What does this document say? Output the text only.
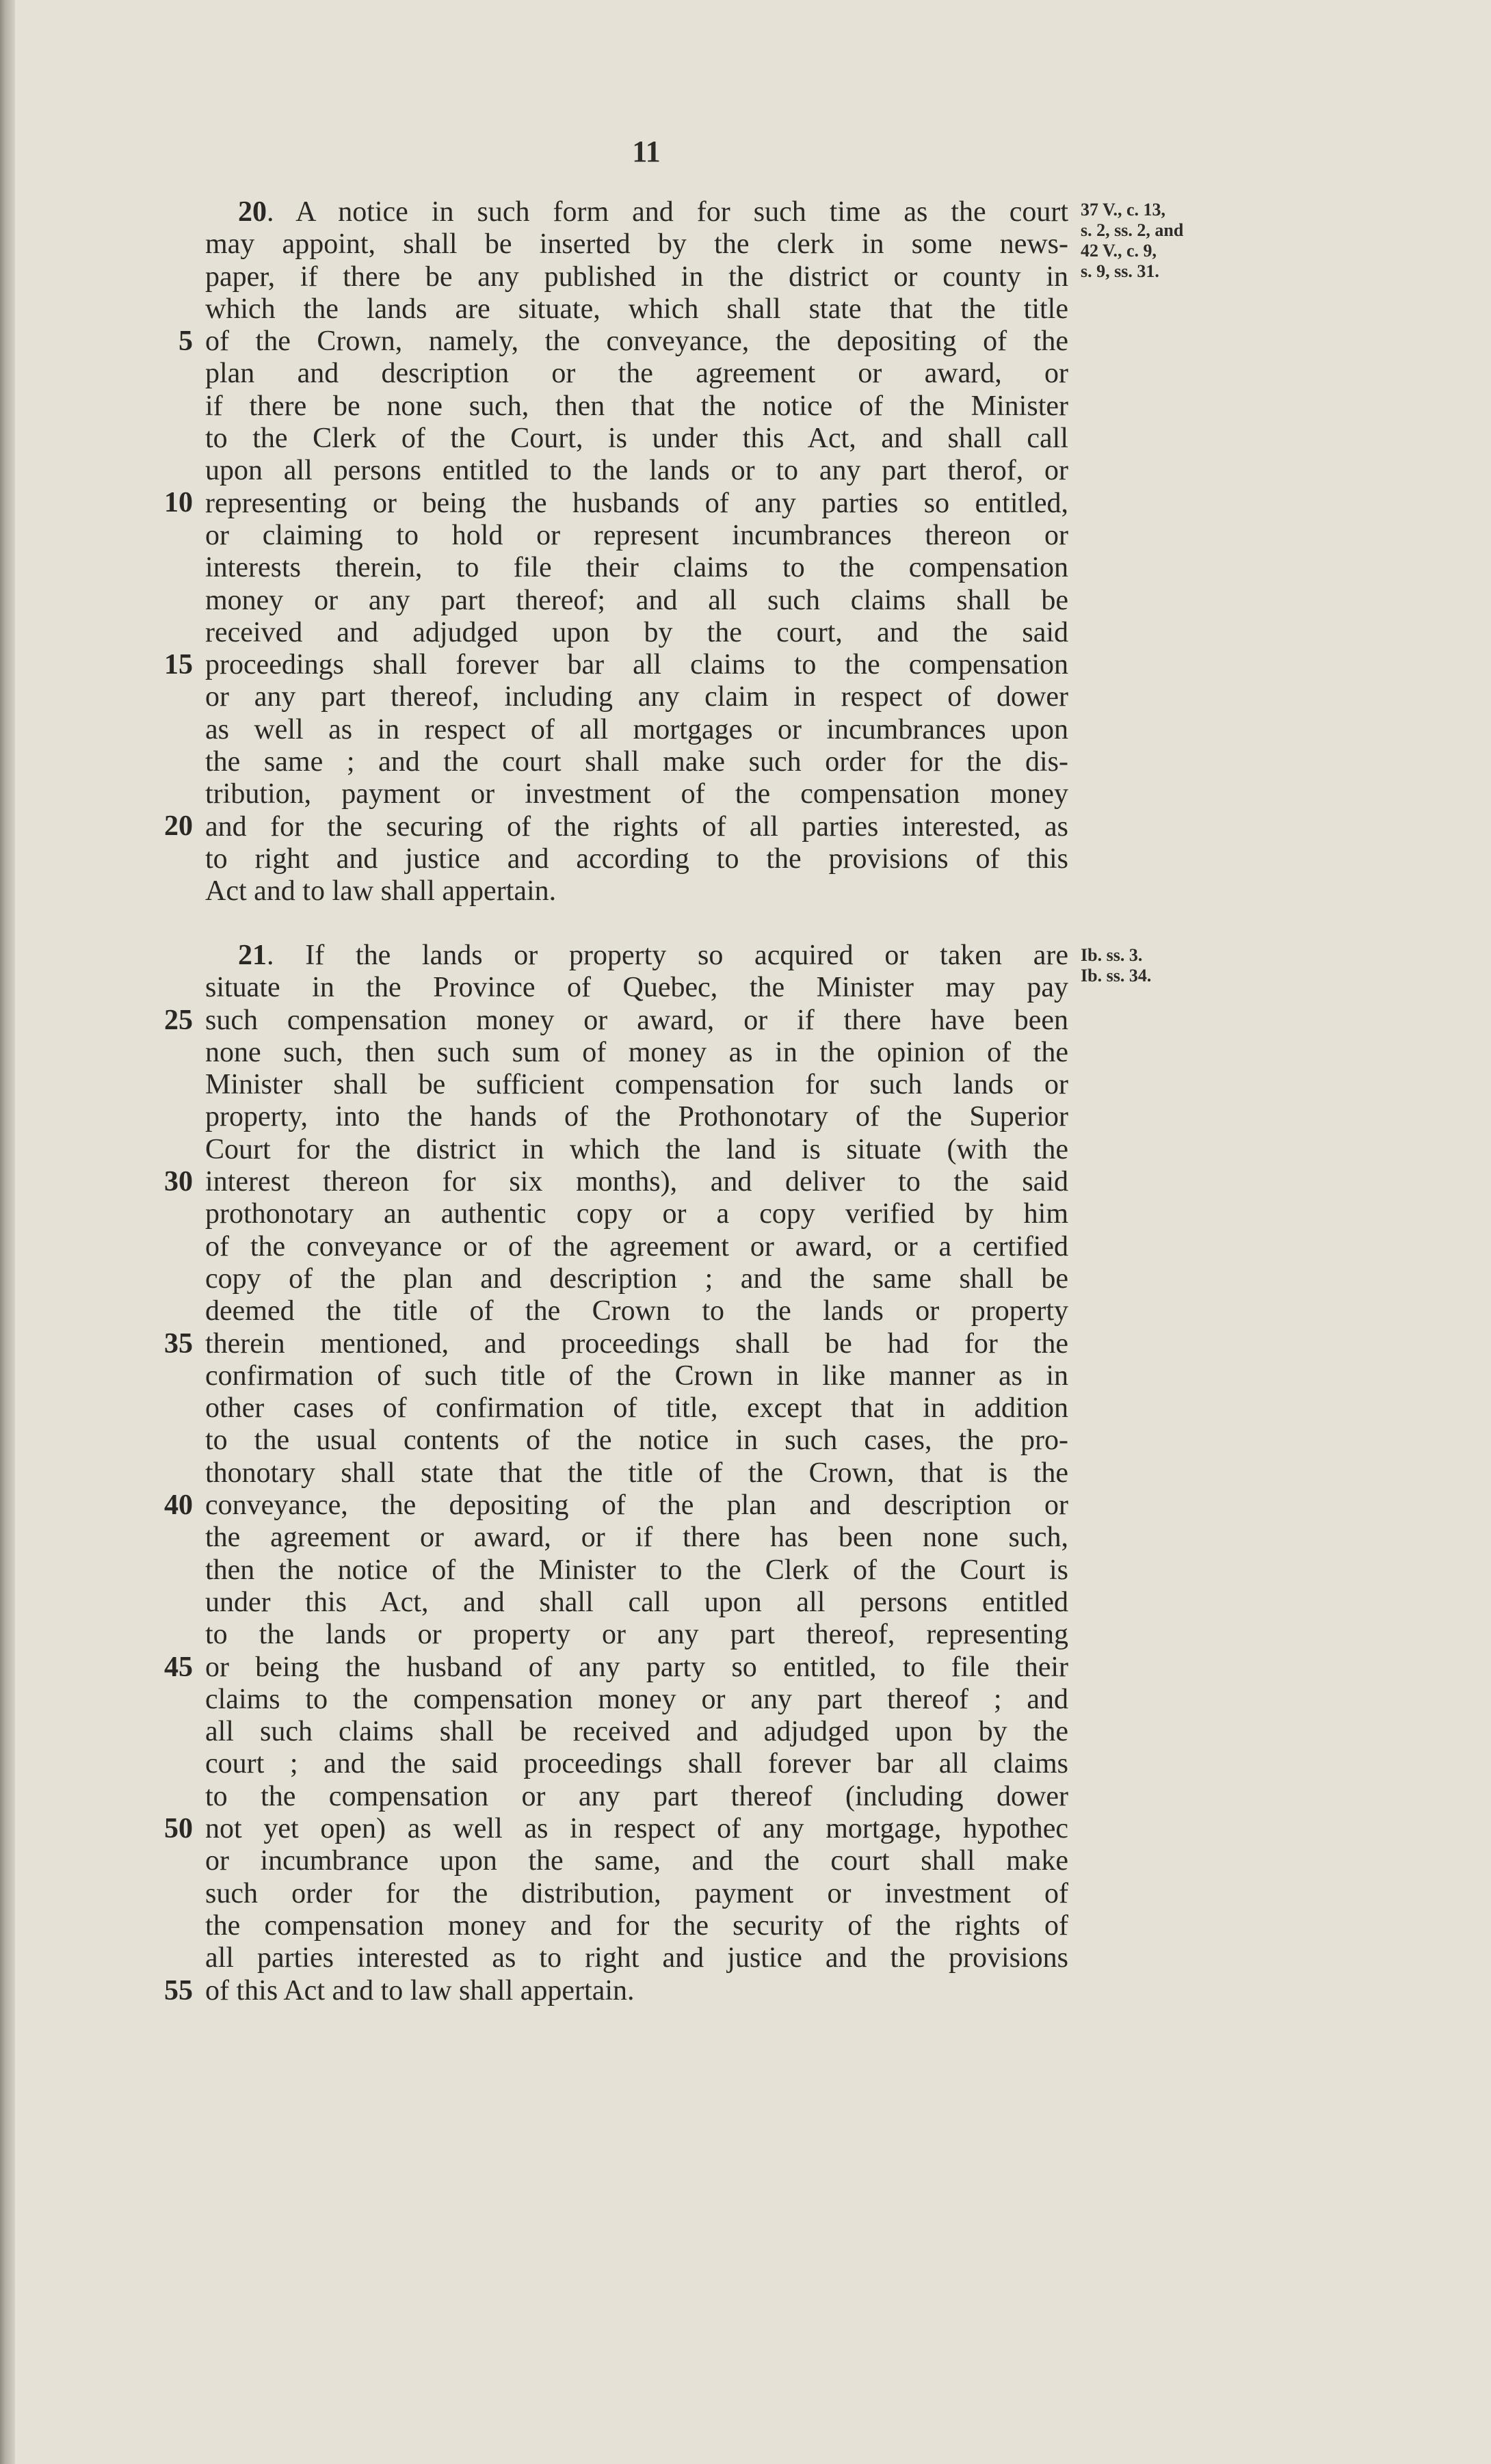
11
20. A notice in such form and for such time as the court
may appoint, shall be inserted by the clerk in some news-
paper, if there be any published in the district or county in
which the lands are situate, which shall state that the title
of the Crown, namely, the conveyance, the depositing of the
plan and description or the agreement or award, or
if there be none such, then that the notice of the Minister
to the Clerk of the Court, is under this Act, and shall call
upon all persons entitled to the lands or to any part therof, or
representing or being the husbands of any parties so entitled,
or claiming to hold or represent incumbrances thereon or
interests therein, to file their claims to the compensation
money or any part thereof; and all such claims shall be
received and adjudged upon by the court, and the said
proceedings shall forever bar all claims to the compensation
or any part thereof, including any claim in respect of dower
as well as in respect of all mortgages or incumbrances upon
the same ; and the court shall make such order for the dis-
tribution, payment or investment of the compensation money
and for the securing of the rights of all parties interested, as
to right and justice and according to the provisions of this
Act and to law shall appertain.
37 V., c. 13,
s. 2, ss. 2, and
42 V., c. 9,
s. 9, ss. 31.
21. If the lands or property so acquired or taken are
situate in the Province of Quebec, the Minister may pay
such compensation money or award, or if there have been
none such, then such sum of money as in the opinion of the
Minister shall be sufficient compensation for such lands or
property, into the hands of the Prothonotary of the Superior
Court for the district in which the land is situate (with the
interest thereon for six months), and deliver to the said
prothonotary an authentic copy or a copy verified by him
of the conveyance or of the agreement or award, or a certified
copy of the plan and description ; and the same shall be
deemed the title of the Crown to the lands or property
therein mentioned, and proceedings shall be had for the
confirmation of such title of the Crown in like manner as in
other cases of confirmation of title, except that in addition
to the usual contents of the notice in such cases, the pro-
thonotary shall state that the title of the Crown, that is the
conveyance, the depositing of the plan and description or
the agreement or award, or if there has been none such,
then the notice of the Minister to the Clerk of the Court is
under this Act, and shall call upon all persons entitled
to the lands or property or any part thereof, representing
or being the husband of any party so entitled, to file their
claims to the compensation money or any part thereof ; and
all such claims shall be received and adjudged upon by the
court ; and the said proceedings shall forever bar all claims
to the compensation or any part thereof (including dower
not yet open) as well as in respect of any mortgage, hypothec
or incumbrance upon the same, and the court shall make
such order for the distribution, payment or investment of
the compensation money and for the security of the rights of
all parties interested as to right and justice and the provisions
of this Act and to law shall appertain.
Ib. ss. 3.
Ib. ss. 34.
5
10
15
20
25
30
35
40
45
50
55
